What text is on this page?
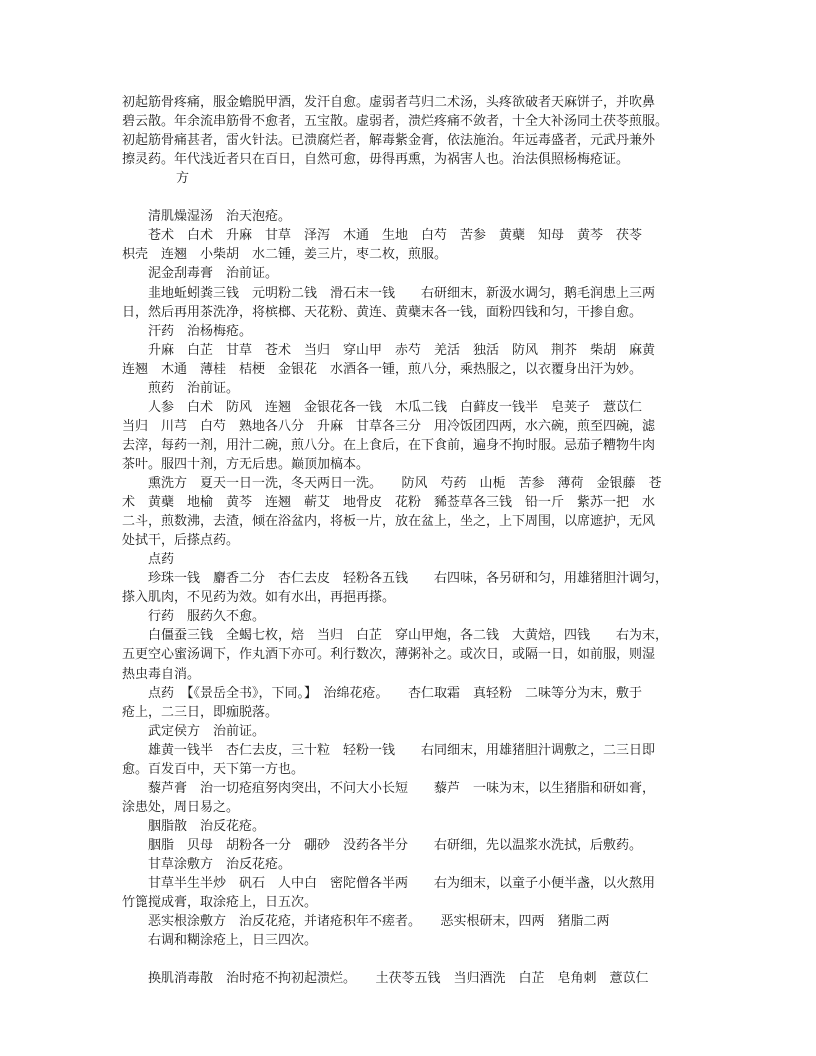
初起筋骨疼痛，服金蟾脱甲酒，发汗自愈。虚弱者芎归二术汤，头疼欲破者天麻饼子，并吹鼻
碧云散。年余流串筋骨不愈者，五宝散。虚弱者，溃烂疼痛不敛者，十全大补汤同土茯苓煎服。
初起筋骨痛甚者，雷火针法。已溃腐烂者，解毒紫金膏，依法施治。年远毒盛者，元武丹兼外
擦灵药。年代浅近者只在百日，自然可愈，毋得再熏，为祸害人也。治法俱照杨梅疮证。
方
清肌燥湿汤　治天泡疮。
苍术　白术　升麻　甘草　泽泻　木通　生地　白芍　苦参　黄蘗　知母　黄芩　茯苓
枳壳　连翘　小柴胡　水二锺，姜三片，枣二枚，煎服。
泥金刮毒膏　治前证。
韭地蚯蚓粪三钱　元明粉二钱　滑石末一钱　　右研细末，新汲水调匀，鹅毛润患上三两
日，然后再用茶洗净，将槟榔、天花粉、黄连、黄蘗末各一钱，面粉四钱和匀，干掺自愈。
汗药　治杨梅疮。
升麻　白芷　甘草　苍术　当归　穿山甲　赤芍　羌活　独活　防风　荆芥　柴胡　麻黄
连翘　木通　薄桂　桔梗　金银花　水酒各一锺，煎八分，乘热服之，以衣覆身出汗为妙。
煎药　治前证。
人参　白术　防风　连翘　金银花各一钱　木瓜二钱　白藓皮一钱半　皂荚子　薏苡仁
当归　川芎　白芍　熟地各八分　升麻　甘草各三分　用冷饭团四两，水六碗，煎至四碗，滤
去滓，每药一剂，用汁二碗，煎八分。在上食后，在下食前，遍身不拘时服。忌茄子糟物牛肉
茶叶。服四十剂，方无后患。巅顶加槁本。
熏洗方　夏天一日一洗，冬天两日一洗。　　防风　芍药　山栀　苦参　薄荷　金银藤　苍
术　黄蘗　地榆　黄芩　连翘　蕲艾　地骨皮　花粉　豨莶草各三钱　铅一斤　紫苏一把　水
二斗，煎数沸，去渣，倾在浴盆内，将板一片，放在盆上，坐之，上下周围，以席遮护，无风
处拭干，后搽点药。
点药
珍珠一钱　麝香二分　杏仁去皮　轻粉各五钱　　右四味，各另研和匀，用雄猪胆汁调匀，
搽入肌肉，不见药为效。如有水出，再挹再搽。
行药　服药久不愈。
白僵蚕三钱　全蝎七枚，焙　当归　白芷　穿山甲炮，各二钱　大黄焙，四钱　　右为末，
五更空心蜜汤调下，作丸酒下亦可。利行数次，薄粥补之。或次日，或隔一日，如前服，则湿
热虫毒自消。
点药　【《景岳全书》，下同。】　治绵花疮。　　杏仁取霜　真轻粉　二味等分为末，敷于
疮上，二三日，即痂脱落。
武定侯方　治前证。
雄黄一钱半　杏仁去皮，三十粒　轻粉一钱　　右同细末，用雄猪胆汁调敷之，二三日即
愈。百发百中，天下第一方也。
藜芦膏　治一切疮疽努肉突出，不问大小长短　　藜芦　一味为末，以生猪脂和研如膏，
涂患处，周日易之。
胭脂散　治反花疮。
胭脂　贝母　胡粉各一分　硼砂　没药各半分　　右研细，先以温浆水洗拭，后敷药。
甘草涂敷方　治反花疮。
甘草半生半炒　矾石　人中白　密陀僧各半两　　右为细末，以童子小便半盏，以火熬用
竹篦搅成膏，取涂疮上，日五次。
恶实根涂敷方　治反花疮，并诸疮积年不瘥者。　　恶实根研末，四两　猪脂二两
右调和糊涂疮上，日三四次。
换肌消毒散　治时疮不拘初起溃烂。　　土茯苓五钱　当归酒洗　白芷　皂角刺　薏苡仁
